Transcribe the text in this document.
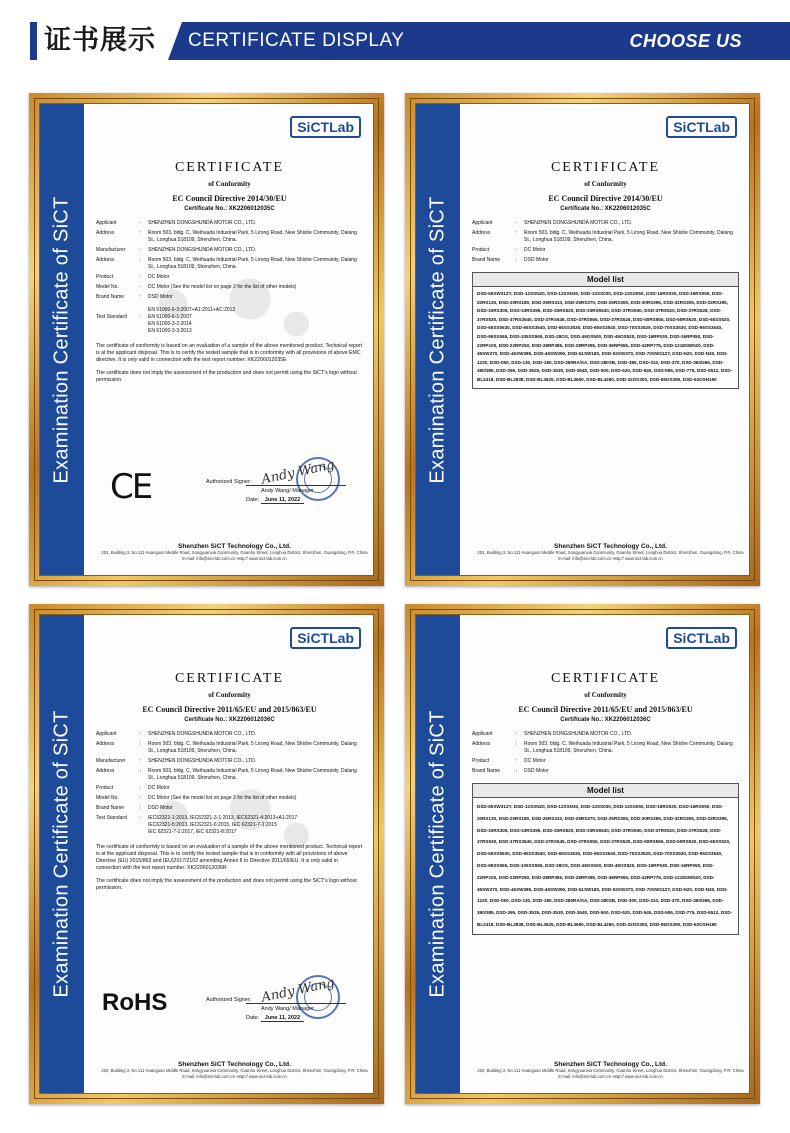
证书展示 CERTIFICATE DISPLAY	CHOOSE US
Examination Certificate of SiCT
SiCTLab
CERTIFICATE
of Conformity
EC Council Directive 2014/30/EU
Certificate No.: XK2206012035C
Applicant	:	SHENZHEN DONGSHUNDA MOTOR CO., LTD.
Address	:	Room 503, bldg. C, Weihuada Industrial Park, 5 Lirong Road, New Shishe Community, Dalang St., Longhua 518109, Shenzhen, China.
Manufacturer	:	SHENZHEN DONGSHUNDA MOTOR CO., LTD.
Address	:	Room 503, bldg. C, Weihuada Industrial Park, 5 Lirong Road, New Shishe Community, Dalang St., Longhua 518109, Shenzhen, China.
Product	:	DC Motor
Model No.	:	DC Motor (See the model list on page 2 for the list of other models)
Brand Name	:	DSD Motor
Test Standard	:
EN 61000-6-3:2007+A1:2011+AC:2012
EN 61000-6-1:2007
EN 61000-3-2:2014
EN 61000-3-3:2013
The certificate of conformity is based on an evaluation of a sample of the above mentioned product. Technical report is at the applicant disposal. This is to certify the tested sample that is in conformity with all provisions of above EMC directive. It is only valid in connection with the test report number: XK2206012035E
The certificate does not imply the assessment of the production and does not permit using the SiCT's logo without permission.
CE	Andy Wang
Authorized Signer:
Andy Wang/ Manager
Date: June 11, 2022
Shenzhen SiCT Technology Co., Ltd.
202, Building 3, No.111 Huanguan Middle Road, Songyuanxia Community, Guanhu Street, Longhua District, Shenzhen, Guangdong, P.R. China
E-mail: info@sict-lab.com.cn Http:// www.sict-lab.com.cn
Examination Certificate of SiCT
SiCTLab
CERTIFICATE
of Conformity
EC Council Directive 2014/30/EU
Certificate No.: XK2206012035C
Applicant	:	SHENZHEN DONGSHUNDA MOTOR CO., LTD.
Address	:	Room 503, bldg. C, Weihuada Industrial Park, 5 Lirong Road, New Shishe Community, Dalang St., Longhua 518109, Shenzhen, China.
Product	:	DC Motor
Brand Name	:	DSD Motor
Model list
DSD-65SW31ZY, DSD-12SSN20, DSD-12SSN30, DSD-13SS030, DSD-13SS050, DSD-16RS030, DSD-16RS050, DSD-20RS130, DSD-20RS180, DSD-25RS310, DSD-25RS370, DSD-25RS305, DSD-30RS395, DSD-32RS305, DSD-32RS395, DSD-33RS305, DSD-33RS395, DSD-33RS520, DSD-33RS5530, DSD-37RS500, DSD-37RS520, DSD-37RS528, DSD-37RS530, DSD-37RS3540, DSD-37RS545, DSD-37RS555, DSD-37RS525, DSD-50RS555, DSD-50RS520, DSD-65SS520, DSD-65SS5530, DSD-65SS3540, DSD-65SS3530, DSD-65SS3540, DSD-70SS3525, DSD-70SS3530, DSD-95SS3540, DSD-95SS555, DSD-105SS555, DSD-28OS, DSD-49OS500, DSD-49OS520, DSD-16RP030, DSD-16RP050, DSD-22RP100, DSD-22RP250, DSD-28RP385, DSD-28RP395, DSD-36RP555, DSD-42RP775, DSD-1218SWN20, DSD-46SW370, DSD-46SW385, DSD-46SW390, DSD-51SW180, DSD-52SW370, DSD-70SW31ZY, DSD-N20, DSD-N30, DSD-1220, DSD-050, DSD-130, DSD-180, DSD-280RA/SA, DSD-280SB, DSD-380, DSD-310, DSD-370, DSD-360/365, DSD-380/385, DSD-395, DSD-3525, DSD-3530, DSD-3540, DSD-500, DSD-520, DSD-545, DSD-555, DSD-775, DSD-5512, DSD-BL2418, DSD-BL2838, DSD-BL3625, DSD-BL3650, DSD-BL4260, DSD-32OS300, DSD-65OS390, DSD-63OSH190
Shenzhen SiCT Technology Co., Ltd.
202, Building 3, No.111 Huanguan Middle Road, Songyuanxia Community, Guanhu Street, Longhua District, Shenzhen, Guangdong, P.R. China
E-mail: info@sict-lab.com.cn Http:// www.sict-lab.com.cn
Examination Certificate of SiCT
SiCTLab
CERTIFICATE
of Conformity
EC Council Directive 2011/65/EU and 2015/863/EU
Certificate No.: XK2206012036C
Applicant	:	SHENZHEN DONGSHUNDA MOTOR CO., LTD.
Address	:	Room 503, bldg. C, Weihuada Industrial Park, 5 Lirong Road, New Shishe Community, Dalang St., Longhua 518109, Shenzhen, China.
Manufacturer	:	SHENZHEN DONGSHUNDA MOTOR CO., LTD.
Address	:	Room 503, bldg. C, Weihuada Industrial Park, 5 Lirong Road, New Shishe Community, Dalang St., Longhua 518109, Shenzhen, China.
Product	:	DC Motor
Model No.	:	DC Motor (See the model list on page 2 for the list of other models)
Brand Name	:	DSD Motor
Test Standard	:	IEC62321-1:2013, IEC62321-3-1:2013, IEC62321-4:2013+A1:2017
IEC62321-5:2013, IEC62321-6:2015, IEC 62321-7-1:2015
IEC 62321-7-2:2017, IEC 62321-8:2017
The certificate of conformity is based on an evaluation of a sample of the above mentioned product. Technical report is at the applicant disposal. This is to certify the tested sample that is in conformity with all provisions of above Directive (EU) 2015/863 and (EU)2017/2102 amending Annex II to Directive 2011/65/EU. It is only valid in connection with the test report number: XK2206012036R
The certificate does not imply the assessment of the production and does not permit using the SiCT's logo without permission.
RoHS	Andy Wang
Authorized Signer:
Andy Wang/ Manager
Date: June 11, 2022
Shenzhen SiCT Technology Co., Ltd.
202, Building 3, No.111 Huanguan Middle Road, Songyuanxia Community, Guanhu Street, Longhua District, Shenzhen, Guangdong, P.R. China
E-mail: info@sict-lab.com.cn Http:// www.sict-lab.com.cn
Examination Certificate of SiCT
SiCTLab
CERTIFICATE
of Conformity
EC Council Directive 2011/65/EU and 2015/863/EU
Certificate No.: XK2206012036C
Applicant	:	SHENZHEN DONGSHUNDA MOTOR CO., LTD.
Address	:	Room 503, bldg. C, Weihuada Industrial Park, 5 Lirong Road, New Shishe Community, Dalang St., Longhua 518109, Shenzhen, China.
Product	:	DC Motor
Brand Name	:	DSD Motor
Model list
DSD-65SW31ZY, DSD-12SSN20, DSD-12SSN30, DSD-13SS030, DSD-13SS050, DSD-16RS030, DSD-16RS050, DSD-20RS130, DSD-20RS180, DSD-25RS310, DSD-25RS370, DSD-25RS305, DSD-30RS395, DSD-32RS305, DSD-32RS395, DSD-33RS305, DSD-33RS395, DSD-33RS520, DSD-33RS5530, DSD-37RS500, DSD-37RS520, DSD-37RS528, DSD-37RS530, DSD-37RS3540, DSD-37RS545, DSD-37RS555, DSD-37RS525, DSD-50RS555, DSD-50RS520, DSD-65SS520, DSD-65SS5530, DSD-65SS3540, DSD-65SS3530, DSD-65SS3540, DSD-70SS3525, DSD-70SS3530, DSD-95SS3540, DSD-95SS555, DSD-105SS555, DSD-28OS, DSD-49OS500, DSD-49OS520, DSD-16RP030, DSD-16RP050, DSD-22RP100, DSD-22RP250, DSD-28RP385, DSD-28RP395, DSD-36RP555, DSD-42RP775, DSD-1218SWN20, DSD-46SW370, DSD-46SW385, DSD-46SW390, DSD-51SW180, DSD-52SW370, DSD-70SW31ZY, DSD-N20, DSD-N30, DSD-1220, DSD-050, DSD-130, DSD-180, DSD-280RA/SA, DSD-280SB, DSD-300, DSD-310, DSD-370, DSD-360/365, DSD-380/385, DSD-395, DSD-3525, DSD-3530, DSD-3540, DSD-500, DSD-520, DSD-545, DSD-555, DSD-775, DSD-5512, DSD-BL2418, DSD-BL2838, DSD-BL3625, DSD-BL3650, DSD-BL4260, DSD-32OS300, DSD-65OS390, DSD-63OSH190
Shenzhen SiCT Technology Co., Ltd.
202, Building 3, No.111 Huanguan Middle Road, Songyuanxia Community, Guanhu Street, Longhua District, Shenzhen, Guangdong, P.R. China
E-mail: info@sict-lab.com.cn Http:// www.sict-lab.com.cn
